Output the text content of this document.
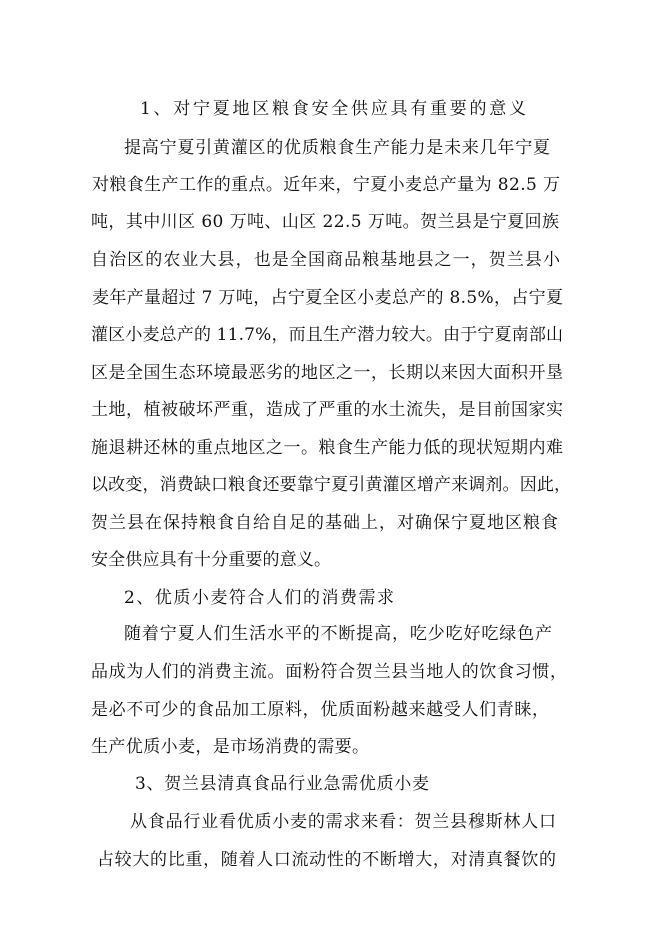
1、对宁夏地区粮食安全供应具有重要的意义
提高宁夏引黄灌区的优质粮食生产能力是未来几年宁夏
对粮食生产工作的重点。近年来，宁夏小麦总产量为 82.5 万
吨，其中川区 60 万吨、山区 22.5 万吨。贺兰县是宁夏回族
自治区的农业大县，也是全国商品粮基地县之一，贺兰县小
麦年产量超过 7 万吨，占宁夏全区小麦总产的 8.5%，占宁夏
灌区小麦总产的 11.7%，而且生产潜力较大。由于宁夏南部山
区是全国生态环境最恶劣的地区之一，长期以来因大面积开垦
土地，植被破坏严重，造成了严重的水土流失，是目前国家实
施退耕还林的重点地区之一。粮食生产能力低的现状短期内难
以改变，消费缺口粮食还要靠宁夏引黄灌区增产来调剂。因此，
贺兰县在保持粮食自给自足的基础上，对确保宁夏地区粮食
安全供应具有十分重要的意义。
2、优质小麦符合人们的消费需求
随着宁夏人们生活水平的不断提高，吃少吃好吃绿色产
品成为人们的消费主流。面粉符合贺兰县当地人的饮食习惯，
是必不可少的食品加工原料，优质面粉越来越受人们青睐，
生产优质小麦，是市场消费的需要。
3、贺兰县清真食品行业急需优质小麦
从食品行业看优质小麦的需求来看：贺兰县穆斯林人口
占较大的比重，随着人口流动性的不断增大，对清真餐饮的
